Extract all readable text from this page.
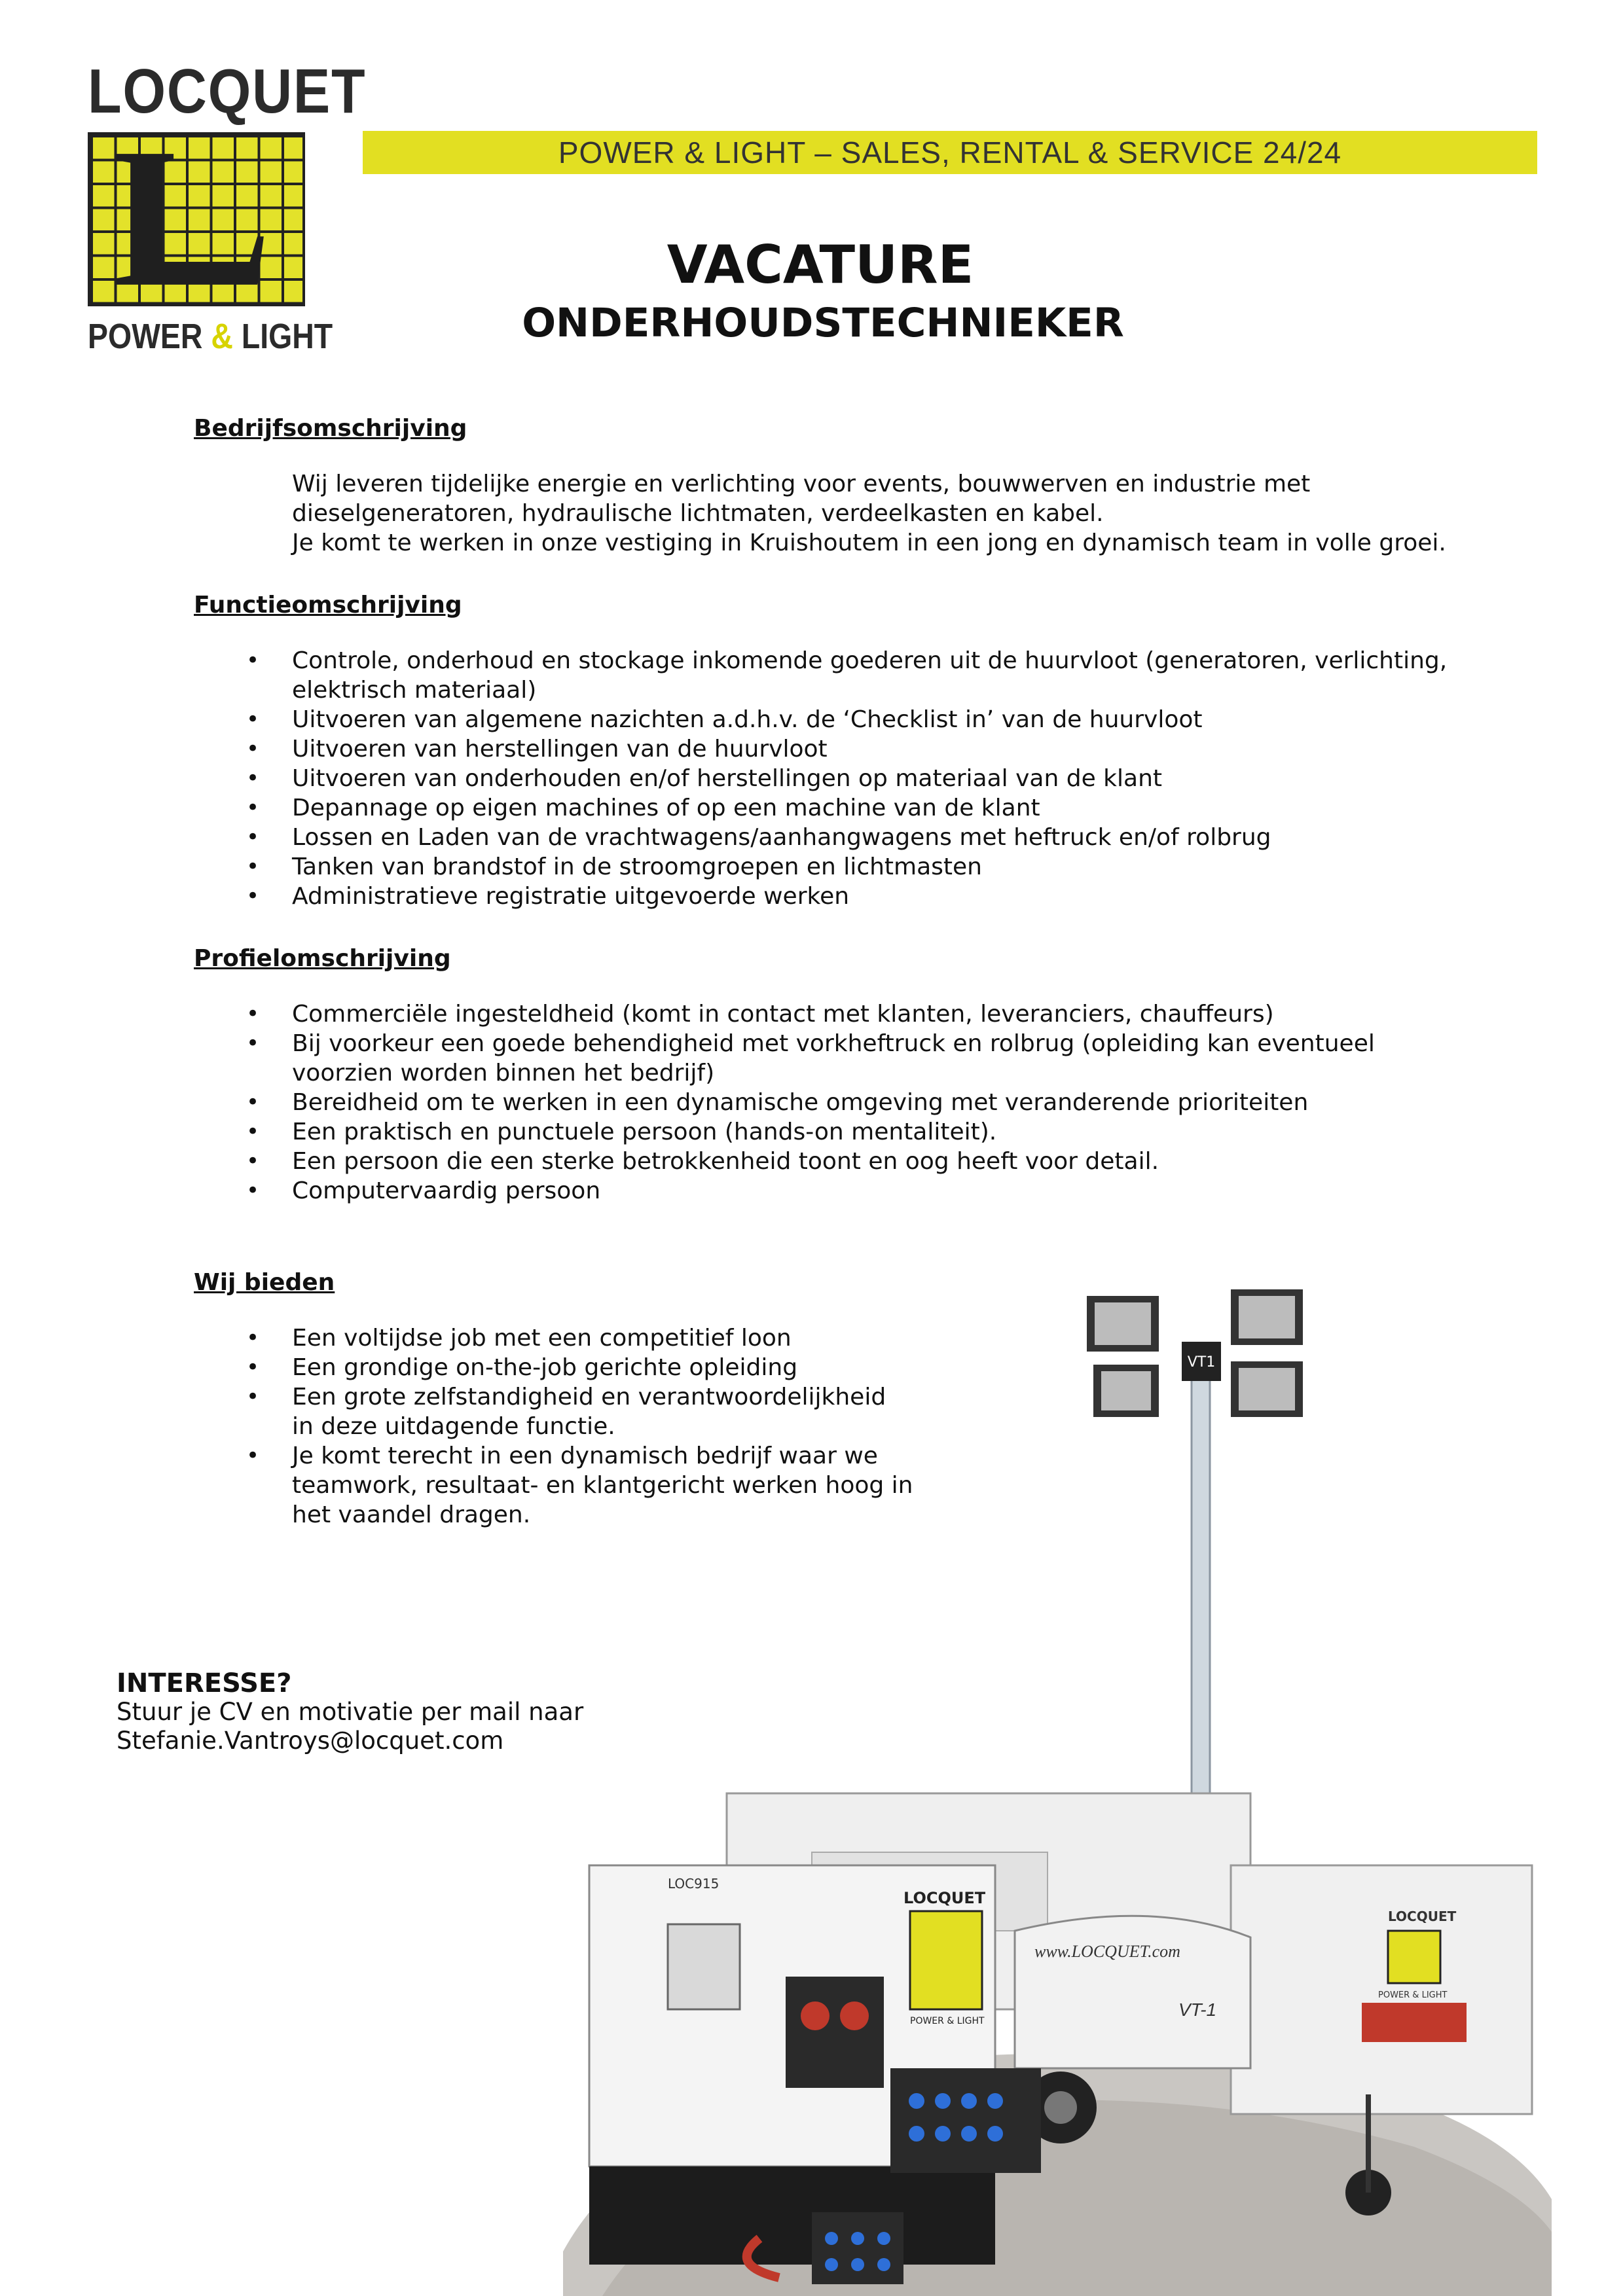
LOCQUET
POWER & LIGHT
POWER & LIGHT – SALES, RENTAL & SERVICE 24/24
VACATURE
ONDERHOUDSTECHNIEKER
Bedrijfsomschrijving

Wij leveren tijdelijke energie en verlichting voor events, bouwwerven en industrie met dieselgeneratoren, hydraulische lichtmaten, verdeelkasten en kabel.

Je komt te werken in onze vestiging in Kruishoutem in een jong en dynamisch team in volle groei.

Functieomschrijving
• Controle, onderhoud en stockage inkomende goederen uit de huurvloot (generatoren, verlichting, elektrisch materiaal)
• Uitvoeren van algemene nazichten a.d.h.v. de ‘Checklist in’ van de huurvloot
• Uitvoeren van herstellingen van de huurvloot
• Uitvoeren van onderhouden en/of herstellingen op materiaal van de klant
• Depannage op eigen machines of op een machine van de klant
• Lossen en Laden van de vrachtwagens/aanhangwagens met heftruck en/of rolbrug
• Tanken van brandstof in de stroomgroepen en lichtmasten
• Administratieve registratie uitgevoerde werken
Profielomschrijving
• Commerciële ingesteldheid (komt in contact met klanten, leveranciers, chauffeurs)
• Bij voorkeur een goede behendigheid met vorkheftruck en rolbrug (opleiding kan eventueel voorzien worden binnen het bedrijf)
• Bereidheid om te werken in een dynamische omgeving met veranderende prioriteiten
• Een praktisch en punctuele persoon (hands-on mentaliteit).
• Een persoon die een sterke betrokkenheid toont en oog heeft voor detail.
• Computervaardig persoon
Wij bieden
• Een voltijdse job met een competitief loon
• Een grondige on-the-job gerichte opleiding
• Een grote zelfstandigheid en verantwoordelijkheid in deze uitdagende functie.
• Je komt terecht in een dynamisch bedrijf waar we teamwork, resultaat- en klantgericht werken hoog in het vaandel dragen.
INTERESSE?
Stuur je CV en motivatie per mail naar
Stefanie.Vantroys@locquet.com
VT1
LOCQUET
POWER & LIGHT
LOC915
LOCQUET
POWER & LIGHT
www.LOCQUET.com
VT-1
